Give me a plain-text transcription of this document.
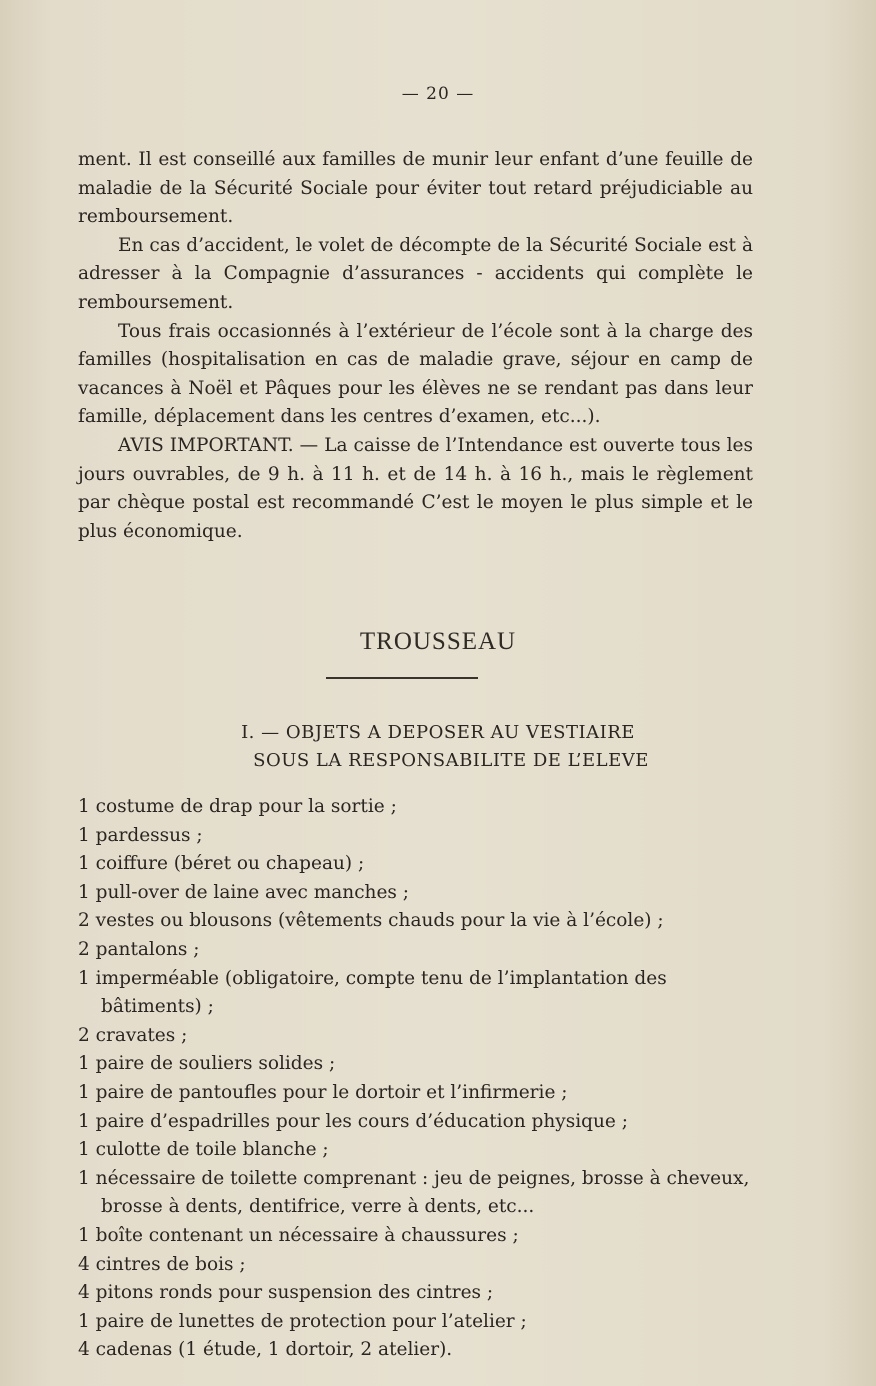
— 20 —

ment. Il est conseillé aux familles de munir leur enfant d’une feuille de maladie de la Sécurité Sociale pour éviter tout retard préjudiciable au remboursement.

En cas d’accident, le volet de décompte de la Sécurité Sociale est à adresser à la Compagnie d’assurances - accidents qui complète le remboursement.

Tous frais occasionnés à l’extérieur de l’école sont à la charge des familles (hospitalisation en cas de maladie grave, séjour en camp de vacances à Noël et Pâques pour les élèves ne se rendant pas dans leur famille, déplacement dans les centres d’examen, etc...).

AVIS IMPORTANT. — La caisse de l’Intendance est ouverte tous les jours ouvrables, de 9 h. à 11 h. et de 14 h. à 16 h., mais le règlement par chèque postal est recommandé C’est le moyen le plus simple et le plus économique.

TROUSSEAU
I. — OBJETS A DEPOSER AU VESTIAIRE
SOUS LA RESPONSABILITE DE L’ELEVE
1 costume de drap pour la sortie ;
1 pardessus ;
1 coiffure (béret ou chapeau) ;
1 pull-over de laine avec manches ;
2 vestes ou blousons (vêtements chauds pour la vie à l’école) ;
2 pantalons ;
1 imperméable (obligatoire, compte tenu de l’implantation des bâtiments) ;
2 cravates ;
1 paire de souliers solides ;
1 paire de pantoufles pour le dortoir et l’infirmerie ;
1 paire d’espadrilles pour les cours d’éducation physique ;
1 culotte de toile blanche ;
1 nécessaire de toilette comprenant : jeu de peignes, brosse à cheveux, brosse à dents, dentifrice, verre à dents, etc...
1 boîte contenant un nécessaire à chaussures ;
4 cintres de bois ;
4 pitons ronds pour suspension des cintres ;
1 paire de lunettes de protection pour l’atelier ;
4 cadenas (1 étude, 1 dortoir, 2 atelier).
